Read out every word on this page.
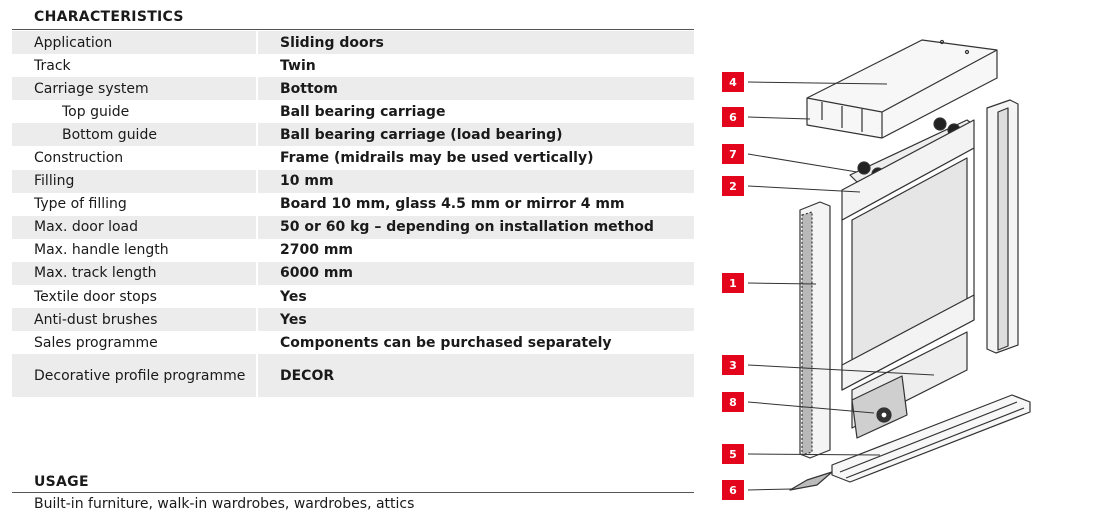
CHARACTERISTICS
Application	Sliding doors
Track	Twin
Carriage system	Bottom
Top guide	Ball bearing carriage
Bottom guide	Ball bearing carriage (load bearing)
Construction	Frame (midrails may be used vertically)
Filling	10 mm
Type of filling	Board 10 mm, glass 4.5 mm or mirror 4 mm
Max. door load	50 or 60 kg – depending on installation method
Max. handle length	2700 mm
Max. track length	6000 mm
Textile door stops	Yes
Anti-dust brushes	Yes
Sales programme	Components can be purchased separately
Decorative profile programme	DECOR
USAGE
Built-in furniture, walk-in wardrobes, wardrobes, attics
4
6
7
2
1
3
8
5
6
